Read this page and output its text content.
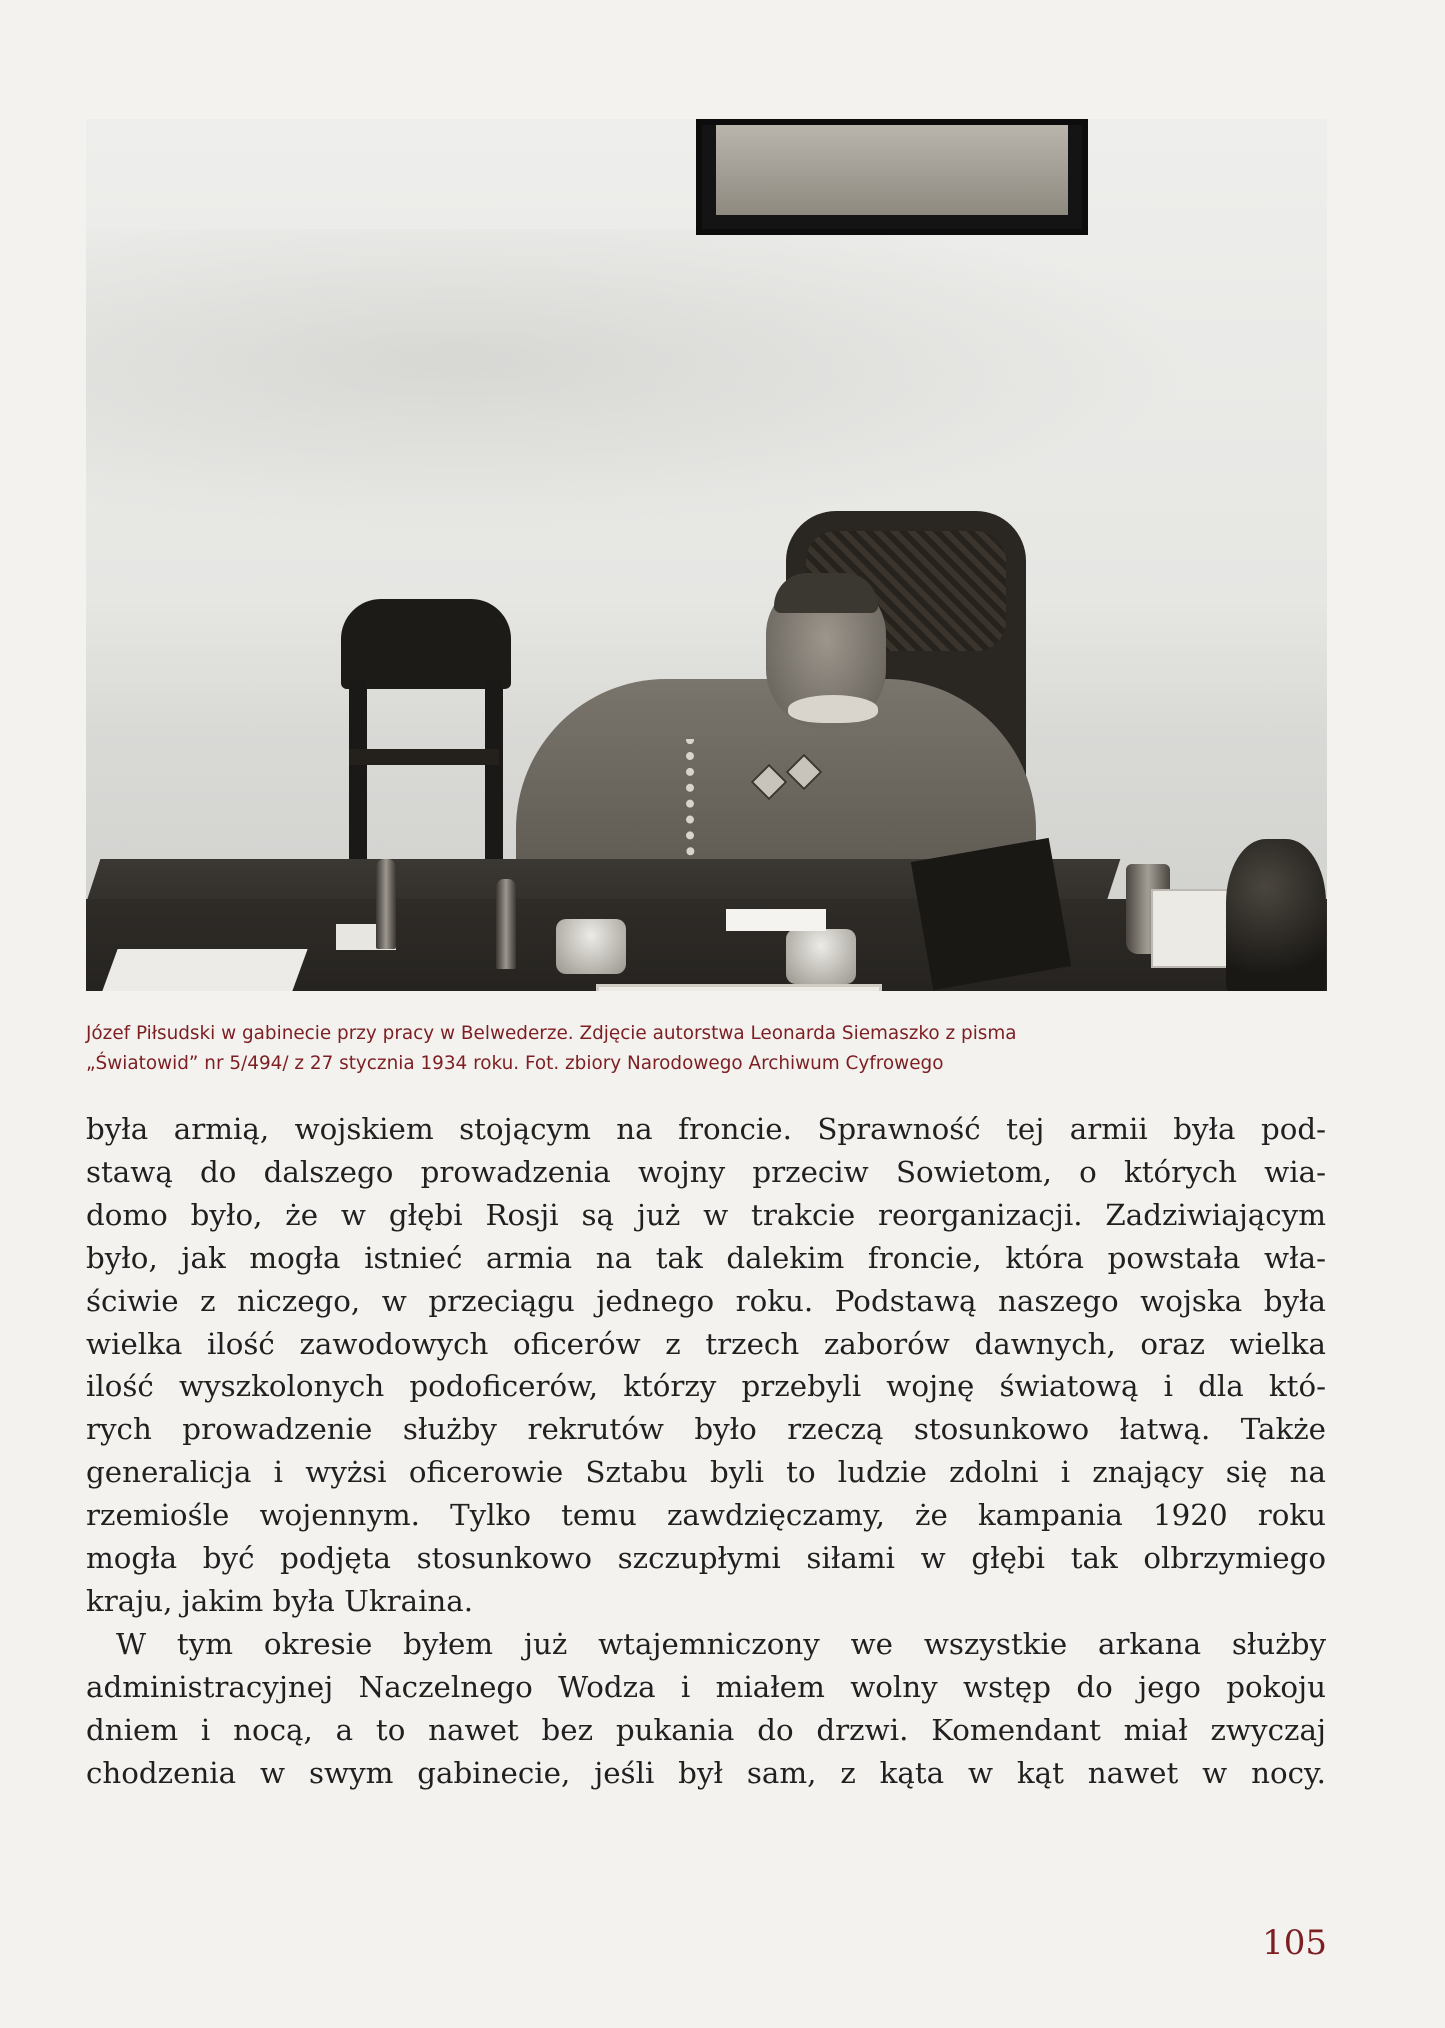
Józef Piłsudski w gabinecie przy pracy w Belwederze. Zdjęcie autorstwa Leonarda Siemaszko z pisma
„Światowid” nr 5/494/ z 27 stycznia 1934 roku. Fot. zbiory Narodowego Archiwum Cyfrowego
była armią, wojskiem stojącym na froncie. Sprawność tej armii była pod-
stawą do dalszego prowadzenia wojny przeciw Sowietom, o których wia-
domo było, że w głębi Rosji są już w trakcie reorganizacji. Zadziwiającym
było, jak mogła istnieć armia na tak dalekim froncie, która powstała wła-
ściwie z niczego, w przeciągu jednego roku. Podstawą naszego wojska była
wielka ilość zawodowych oficerów z trzech zaborów dawnych, oraz wielka
ilość wyszkolonych podoficerów, którzy przebyli wojnę światową i dla któ-
rych prowadzenie służby rekrutów było rzeczą stosunkowo łatwą. Także
generalicja i wyżsi oficerowie Sztabu byli to ludzie zdolni i znający się na
rzemiośle wojennym. Tylko temu zawdzięczamy, że kampania 1920 roku
mogła być podjęta stosunkowo szczupłymi siłami w głębi tak olbrzymiego
kraju, jakim była Ukraina.
W tym okresie byłem już wtajemniczony we wszystkie arkana służby
administracyjnej Naczelnego Wodza i miałem wolny wstęp do jego pokoju
dniem i nocą, a to nawet bez pukania do drzwi. Komendant miał zwyczaj
chodzenia w swym gabinecie, jeśli był sam, z kąta w kąt nawet w nocy.
105
